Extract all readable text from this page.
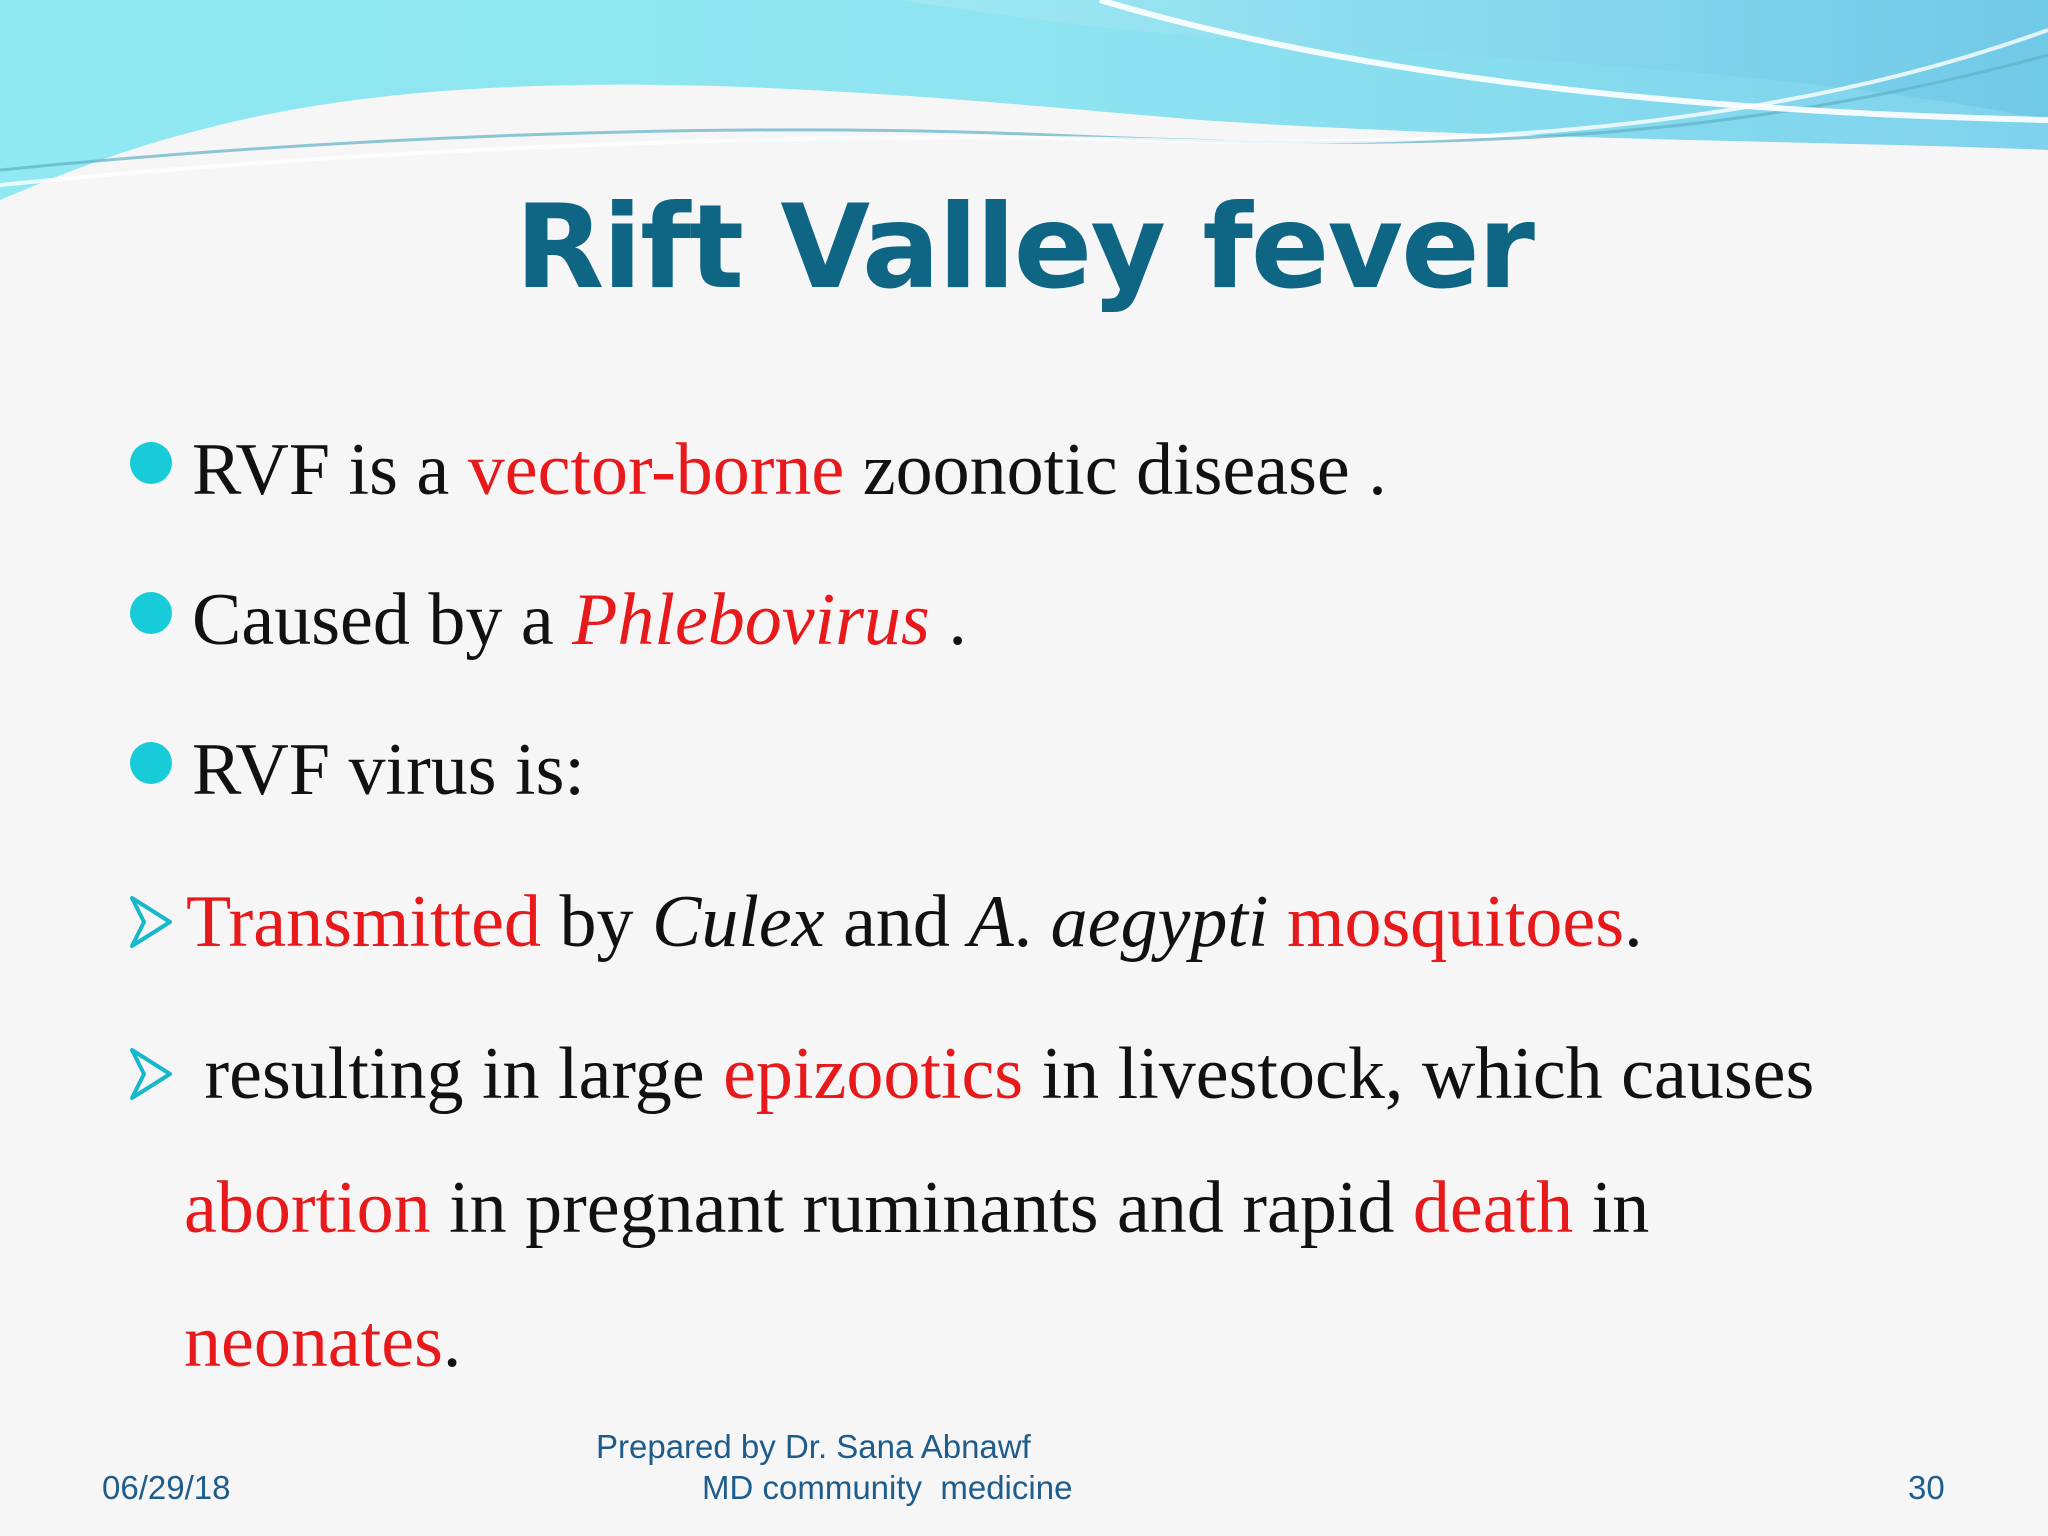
Rift Valley fever
RVF is a vector-borne zoonotic disease .
Caused by a Phlebovirus .
RVF virus is:
Transmitted by Culex and A. aegypti mosquitoes.
resulting in large epizootics in livestock, which causes
abortion in pregnant ruminants and rapid death in
neonates.
06/29/18
Prepared by Dr. Sana Abnawf
MD community  medicine	30
